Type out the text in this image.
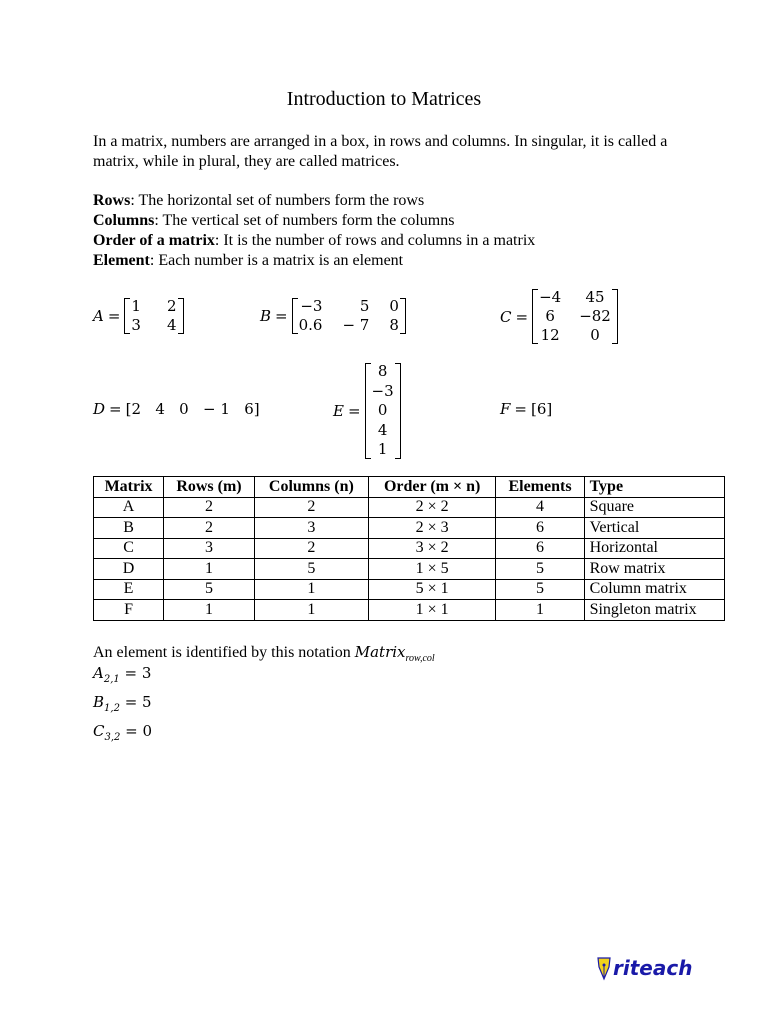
Introduction to Matrices
In a matrix, numbers are arranged in a box, in rows and columns. In singular, it is called a matrix, while in plural, they are called matrices.
Rows: The horizontal set of numbers form the rows
Columns: The vertical set of numbers form the columns
Order of a matrix: It is the number of rows and columns in a matrix
Element: Each number is a matrix is an element
A =
1 2
3 4	B =
−3	5 0
0.6 − 7 8	C =
−4	45
6	−82
12	0
D = [ 2   4   0   − 1   6 ]	E =
8
−3
0
4
1
F = [ 6 ]
Matrix	Rows (m)	Columns (n)	Order (m × n)	Elements	Type
A	2	2	2 × 2	4	Square
B	2	3	2 × 3	6	Vertical
C	3	2	3 × 2	6	Horizontal
D	1	5	1 × 5	5	Row matrix
E	5	1	5 × 1	5	Column matrix
F	1	1	1 × 1	1	Singleton matrix
An element is identified by this notation Matrix$_{row,col}$
$A_{2,1} = 3$
$B_{1,2} = 5$
$C_{3,2} = 0$
riteach
